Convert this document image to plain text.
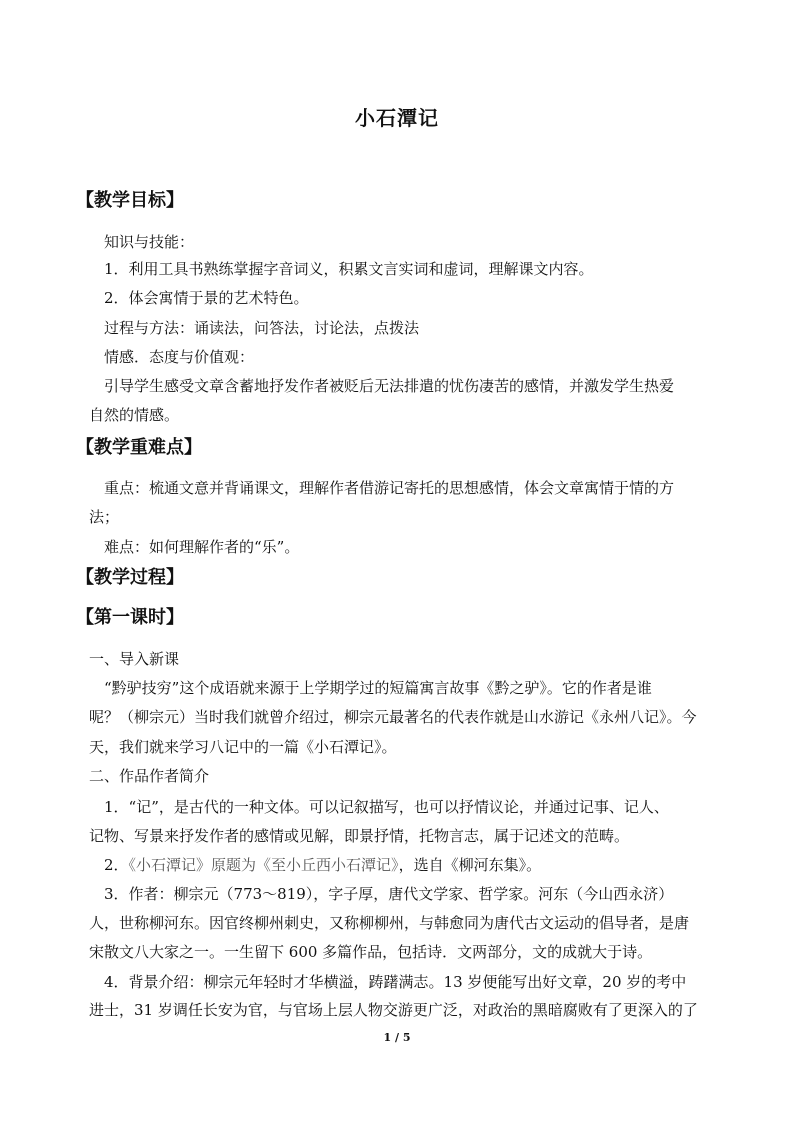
小石潭记
【教学目标】
知识与技能：
1．利用工具书熟练掌握字音词义，积累文言实词和虚词，理解课文内容。
2．体会寓情于景的艺术特色。
过程与方法：诵读法，问答法，讨论法，点拨法
情感．态度与价值观：
引导学生感受文章含蓄地抒发作者被贬后无法排遣的忧伤凄苦的感情，并激发学生热爱
自然的情感。
【教学重难点】
重点：梳通文意并背诵课文，理解作者借游记寄托的思想感情，体会文章寓情于情的方
法；
难点：如何理解作者的“乐”。
【教学过程】
【第一课时】
一、导入新课
“黔驴技穷”这个成语就来源于上学期学过的短篇寓言故事《黔之驴》。它的作者是谁
呢？（柳宗元）当时我们就曾介绍过，柳宗元最著名的代表作就是山水游记《永州八记》。今
天，我们就来学习八记中的一篇《小石潭记》。
二、作品作者简介
1．“记”，是古代的一种文体。可以记叙描写，也可以抒情议论，并通过记事、记人、
记物、写景来抒发作者的感情或见解，即景抒情，托物言志，属于记述文的范畴。
2．《小石潭记》原题为《至小丘西小石潭记》，选自《柳河东集》。
3．作者：柳宗元（773～819），字子厚，唐代文学家、哲学家。河东（今山西永济）
人，世称柳河东。因官终柳州刺史，又称柳柳州，与韩愈同为唐代古文运动的倡导者，是唐
宋散文八大家之一。一生留下 600 多篇作品，包括诗．文两部分，文的成就大于诗。
4．背景介绍：柳宗元年轻时才华横溢，踌躇满志。13 岁便能写出好文章，20 岁的考中
进士，31 岁调任长安为官，与官场上层人物交游更广泛，对政治的黑暗腐败有了更深入的了
1 / 5
